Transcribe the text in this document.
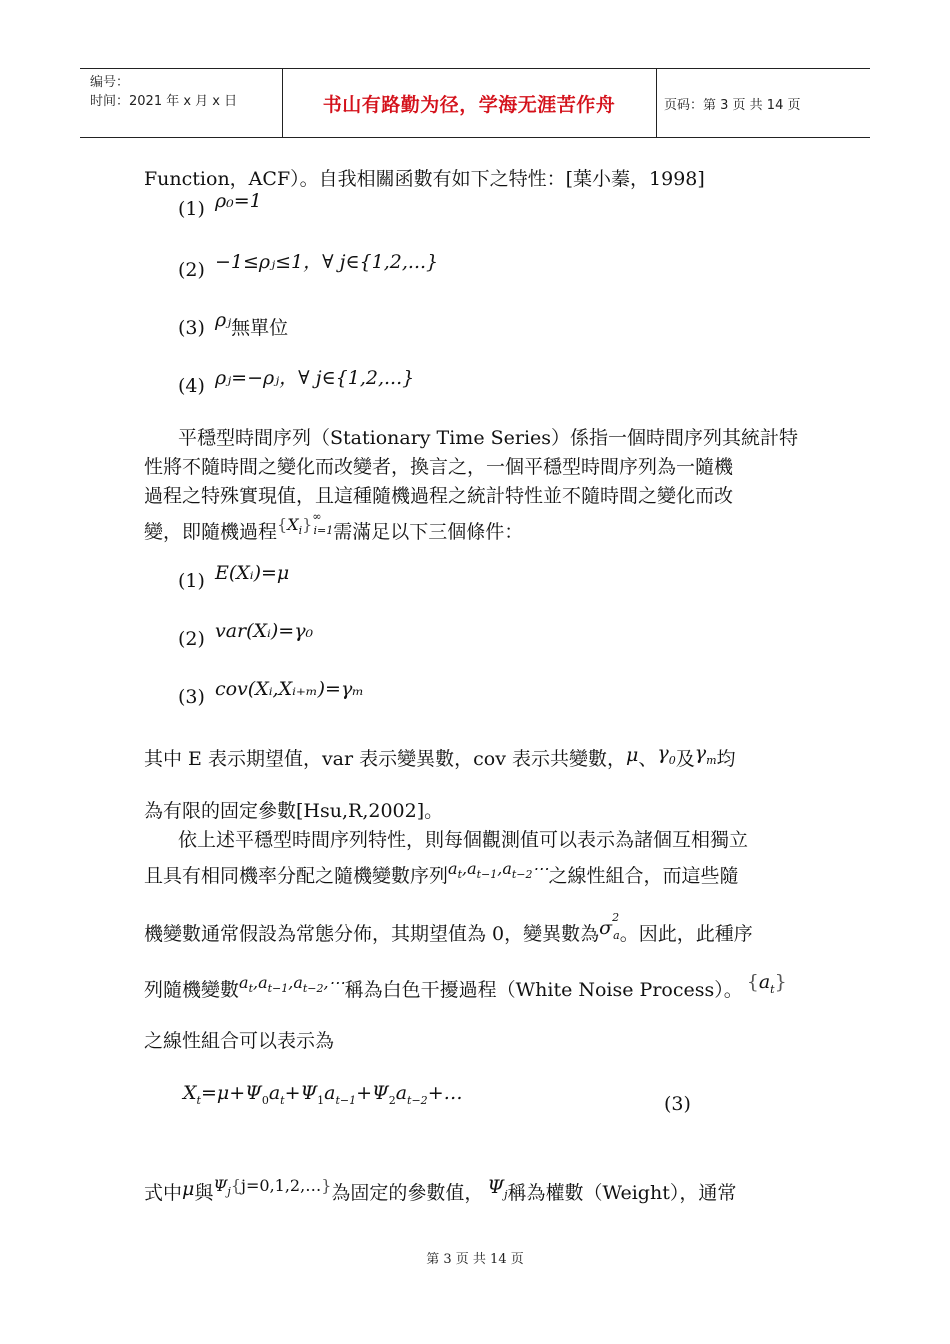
编号：
时间：2021 年 x 月 x 日	书山有路勤为径，学海无涯苦作舟	页码：第 3 页 共 14 页
Function，ACF）。自我相關函數有如下之特性：[葉小蓁，1998]
(1) ρ₀=1
(2) −1≤ρⱼ≤1，∀ j∈{1,2,...}
(3) ρⱼ無單位
(4) ρⱼ=−ρⱼ，∀ j∈{1,2,...}
平穩型時間序列（Stationary Time Series）係指一個時間序列其統計特
性將不隨時間之變化而改變者，換言之，一個平穩型時間序列為一隨機
過程之特殊實現值，且這種隨機過程之統計特性並不隨時間之變化而改
變，即隨機過程$^{\{X_i\}^\infty_{i=1}}$需滿足以下三個條件：
(1) E(Xᵢ)=μ
(2) var(Xᵢ)=γ₀
(3) cov(Xᵢ,Xᵢ₊ₘ)=γₘ
其中 E 表示期望值，var 表示變異數，cov 表示共變數，μ、$\gamma_0$及$\gamma_m$均
為有限的固定參數[Hsu,R,2002]。
依上述平穩型時間序列特性，則每個觀測值可以表示為諸個互相獨立
且具有相同機率分配之隨機變數序列$^{a_t,a_{t-1},a_{t-2}\cdots}$之線性組合，而這些隨
機變數通常假設為常態分佈，其期望值為 0，變異數為$\sigma^2_a$。因此，此種序
列隨機變數$^{a_t,a_{t-1},a_{t-2},\cdots}$稱為白色干擾過程（White Noise Process）。 $\{a_t\}$
之線性組合可以表示為
$X_t=\mu+\Psi_0a_t+\Psi_1a_{t-1}+\Psi_2a_{t-2}+\dots$	(3)
式中μ與$^{\Psi_j\{j=0,1,2,\dots\}}$為固定的參數值， $\Psi_j$稱為權數（Weight），通常
第 3 页 共 14 页
